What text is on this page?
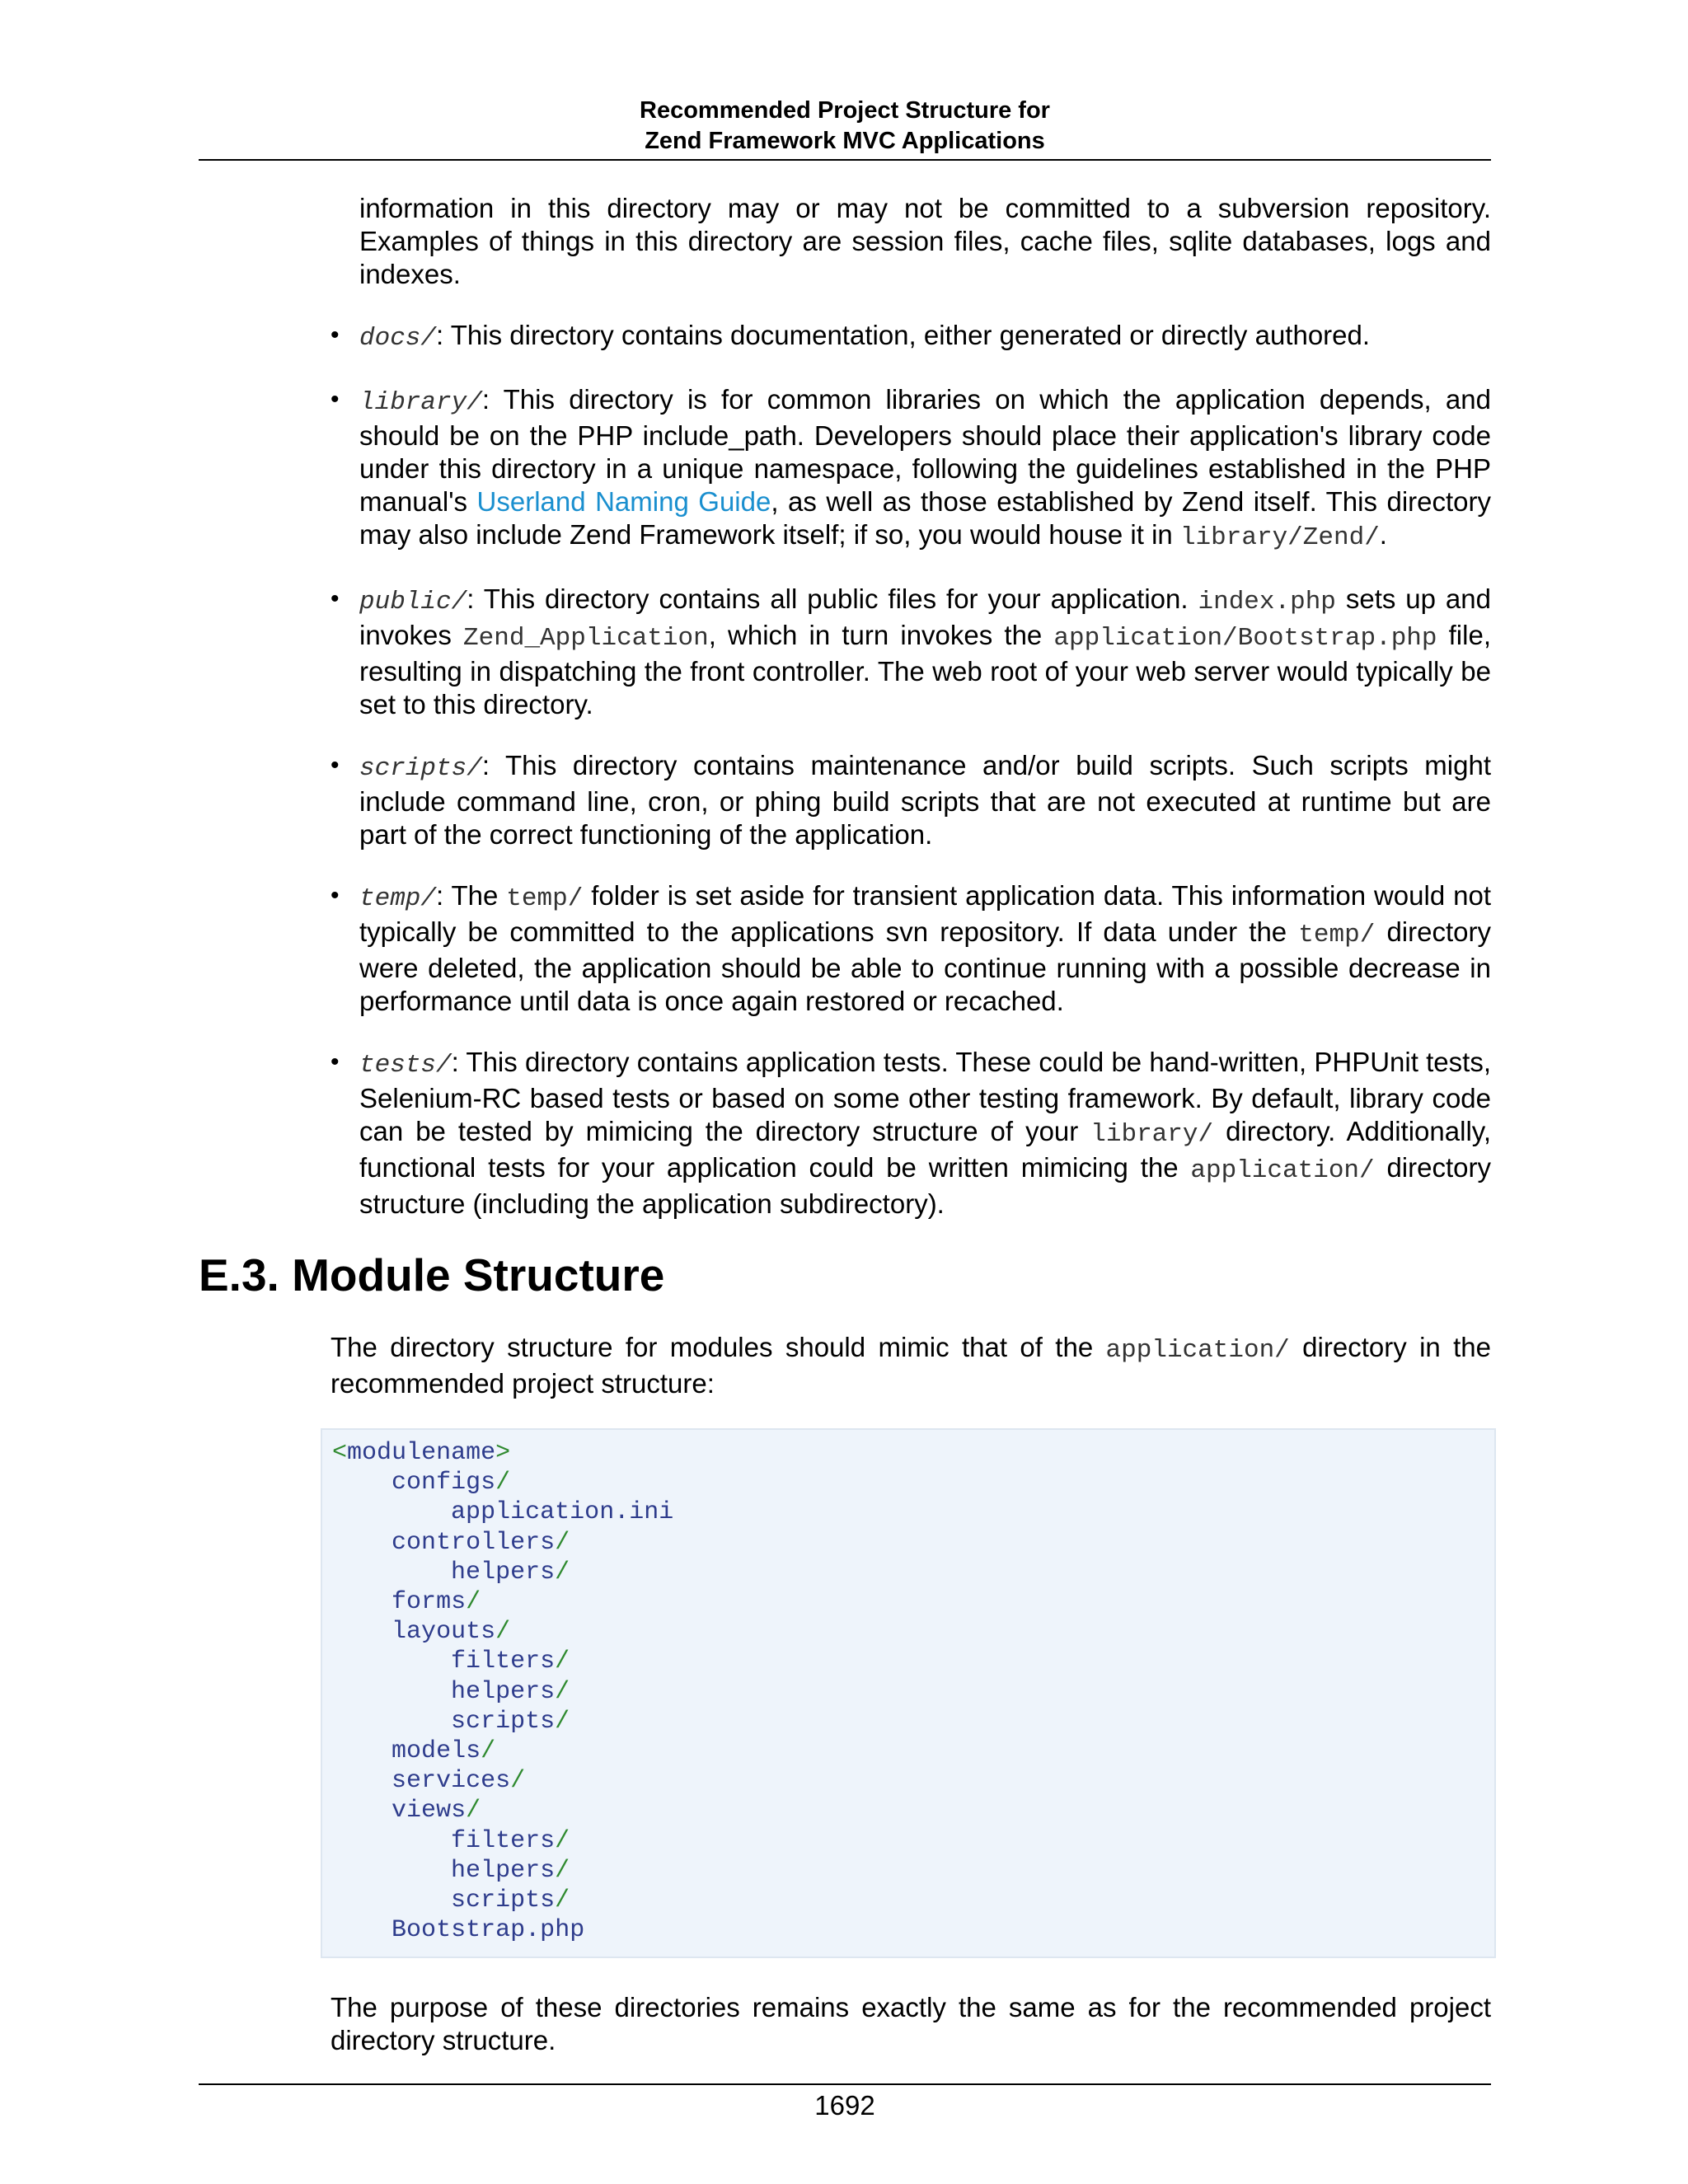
Recommended Project Structure for
Zend Framework MVC Applications

information in this directory may or may not be committed to a subversion repository. Examples of things in this directory are session files, cache files, sqlite databases, logs and indexes.

• docs/: This directory contains documentation, either generated or directly authored.
• library/: This directory is for common libraries on which the application depends, and should be on the PHP include_path. Developers should place their application's library code under this directory in a unique namespace, following the guidelines established in the PHP manual's Userland Naming Guide, as well as those established by Zend itself. This directory may also include Zend Framework itself; if so, you would house it in library/Zend/.
• public/: This directory contains all public files for your application. index.php sets up and invokes Zend_Application, which in turn invokes the application/Bootstrap.php file, resulting in dispatching the front controller. The web root of your web server would typically be set to this directory.
• scripts/: This directory contains maintenance and/or build scripts. Such scripts might include command line, cron, or phing build scripts that are not executed at runtime but are part of the correct functioning of the application.
• temp/: The temp/ folder is set aside for transient application data. This information would not typically be committed to the applications svn repository. If data under the temp/ directory were deleted, the application should be able to continue running with a possible decrease in performance until data is once again restored or recached.
• tests/: This directory contains application tests. These could be hand-written, PHPUnit tests, Selenium-RC based tests or based on some other testing framework. By default, library code can be tested by mimicing the directory structure of your library/ directory. Additionally, functional tests for your application could be written mimicing the application/ directory structure (including the application subdirectory).
E.3. Module Structure

The directory structure for modules should mimic that of the application/ directory in the recommended project structure:

<modulename>
configs/
application.ini
controllers/
helpers/
forms/
layouts/
filters/
helpers/
scripts/
models/
services/
views/
filters/
helpers/
scripts/
Bootstrap.php

The purpose of these directories remains exactly the same as for the recommended project directory structure.

1692
